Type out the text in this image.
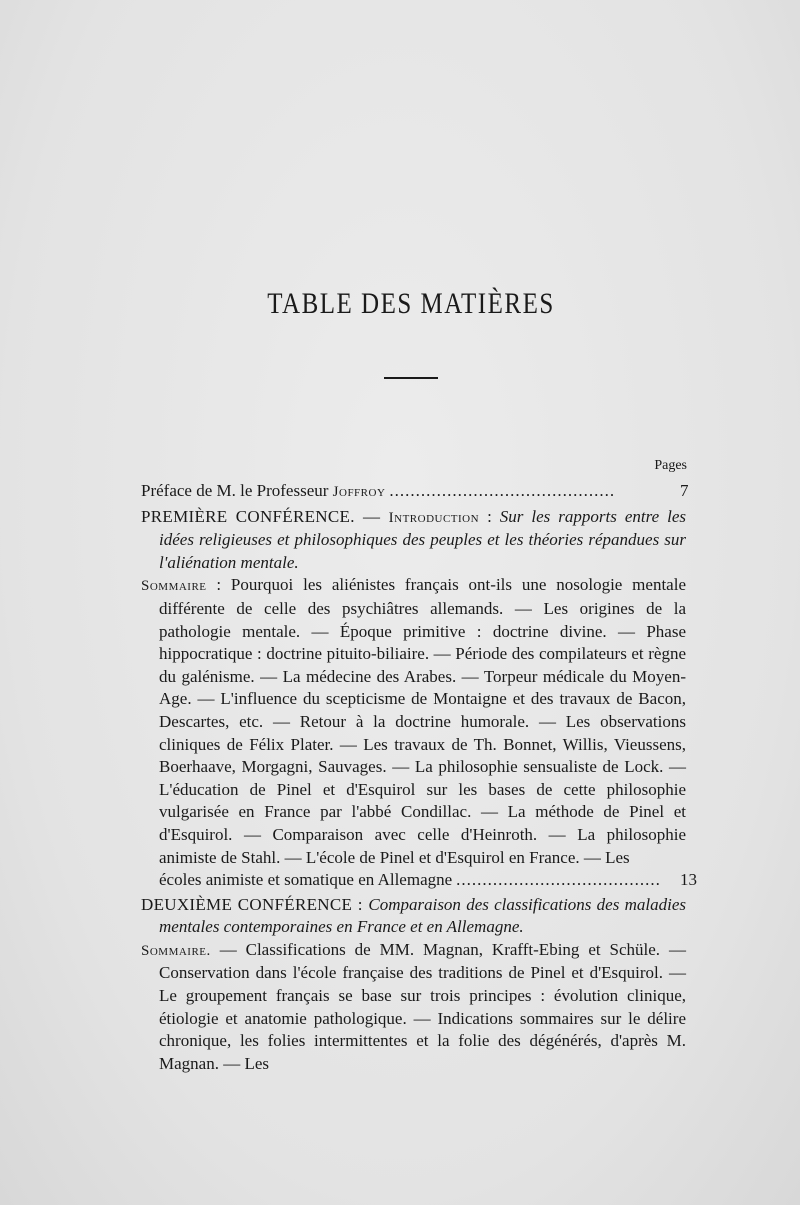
TABLE DES MATIÈRES
Pages
Préface de M. le Professeur Joffroy ...........................................	7
PREMIÈRE CONFÉRENCE. — Introduction : Sur les rapports entre les idées religieuses et philosophiques des peuples et les théories répandues sur l'aliénation mentale.
Sommaire : Pourquoi les aliénistes français ont-ils une nosologie mentale différente de celle des psychiâtres allemands. — Les origines de la pathologie mentale. — Époque primitive : doctrine divine. — Phase hippocratique : doctrine pituito-biliaire. — Période des compilateurs et règne du galénisme. — La médecine des Arabes. — Torpeur médicale du Moyen-Age. — L'influence du scepticisme de Montaigne et des travaux de Bacon, Descartes, etc. — Retour à la doctrine humorale. — Les observations cliniques de Félix Plater. — Les travaux de Th. Bonnet, Willis, Vieussens, Boerhaave, Morgagni, Sauvages. — La philosophie sensualiste de Lock. — L'éducation de Pinel et d'Esquirol sur les bases de cette philosophie vulgarisée en France par l'abbé Condillac. — La méthode de Pinel et d'Esquirol. — Comparaison avec celle d'Heinroth. — La philosophie animiste de Stahl. — L'école de Pinel et d'Esquirol en France. — Les
écoles animiste et somatique en Allemagne .......................................	13
DEUXIÈME CONFÉRENCE : Comparaison des classifications des maladies mentales contemporaines en France et en Allemagne.
Sommaire. — Classifications de MM. Magnan, Krafft-Ebing et Schüle. — Conservation dans l'école française des traditions de Pinel et d'Esquirol. — Le groupement français se base sur trois principes : évolution clinique, étiologie et anatomie pathologique. — Indications sommaires sur le délire chronique, les folies intermittentes et la folie des dégénérés, d'après M. Magnan. — Les
